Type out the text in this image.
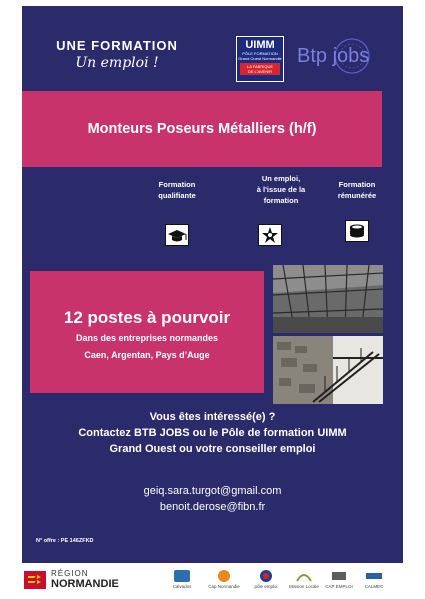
UNE FORMATION
Un emploi !
UIMM
PÔLE FORMATION
Grand Ouest Normandie
LA FABRIQUE
DE L'AVENIR
Btp jobs
Monteurs Poseurs Métalliers (h/f)
Formation
qualifiante
Un emploi,
à l'issue de la
formation
Formation
rémunérée
12 postes à pourvoir
Dans des entreprises normandes
Caen, Argentan, Pays d’Auge
Vous êtes intéressé(e) ?
Contactez BTB JOBS ou le Pôle de formation UIMM
Grand Ouest ou votre conseiller emploi
geiq.sara.turgot@gmail.com
benoit.derose@fibn.fr
N° offre : PE 146ZFKD
RÉGION
NORMANDIE	Calvados	Cap Normandie	pôle emploi	Mission Locale	CAP EMPLOI	CALMEC
